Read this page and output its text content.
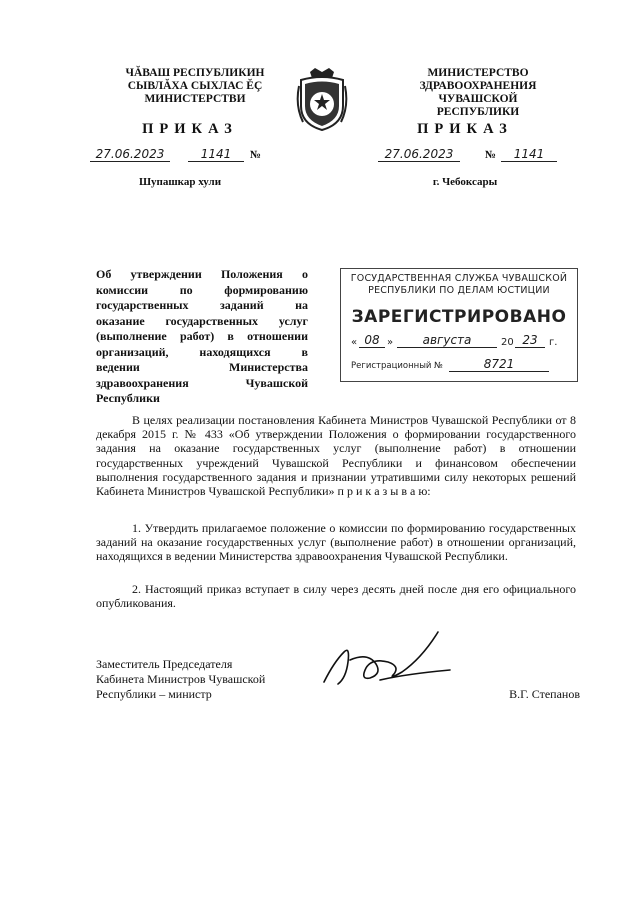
ЧĂВАШ РЕСПУБЛИКИН
СЫВЛĂХА СЫХЛАС ĔҪ
МИНИСТЕРСТВИ
МИНИСТЕРСТВО
ЗДРАВООХРАНЕНИЯ
ЧУВАШСКОЙ РЕСПУБЛИКИ
ПРИКАЗ	ПРИКАЗ
27.06.2023	1141	№	27.06.2023	№	1141
Шупашкар хули	г. Чебоксары
Об утверждении Положения о
комиссии по формированию
государственных заданий на
оказание государственных услуг
(выполнение работ) в отношении
организаций, находящихся в
ведении Министерства
здравоохранения Чувашской
Республики
ГОСУДАРСТВЕННАЯ СЛУЖБА ЧУВАШСКОЙ
РЕСПУБЛИКИ ПО ДЕЛАМ ЮСТИЦИИ
ЗАРЕГИСТРИРОВАНО
« 08 »	августа	20 23	г.
Регистрационный №	8721
В целях реализации постановления Кабинета Министров Чувашской Республики от 8 декабря 2015 г. № 433 «Об утверждении Положения о формировании государственного задания на оказание государственных услуг (выполнение работ) в отношении государственных учреждений Чувашской Республики и финансовом обеспечении выполнения государственного задания и признании утратившими силу некоторых решений Кабинета Министров Чувашской Республики» п р и к а з ы в а ю:
1. Утвердить прилагаемое положение о комиссии по формированию государственных заданий на оказание государственных услуг (выполнение работ) в отношении организаций, находящихся в ведении Министерства здравоохранения Чувашской Республики.
2. Настоящий приказ вступает в силу через десять дней после дня его официального опубликования.
Заместитель Председателя
Кабинета Министров Чувашской
Республики – министр	В.Г. Степанов
